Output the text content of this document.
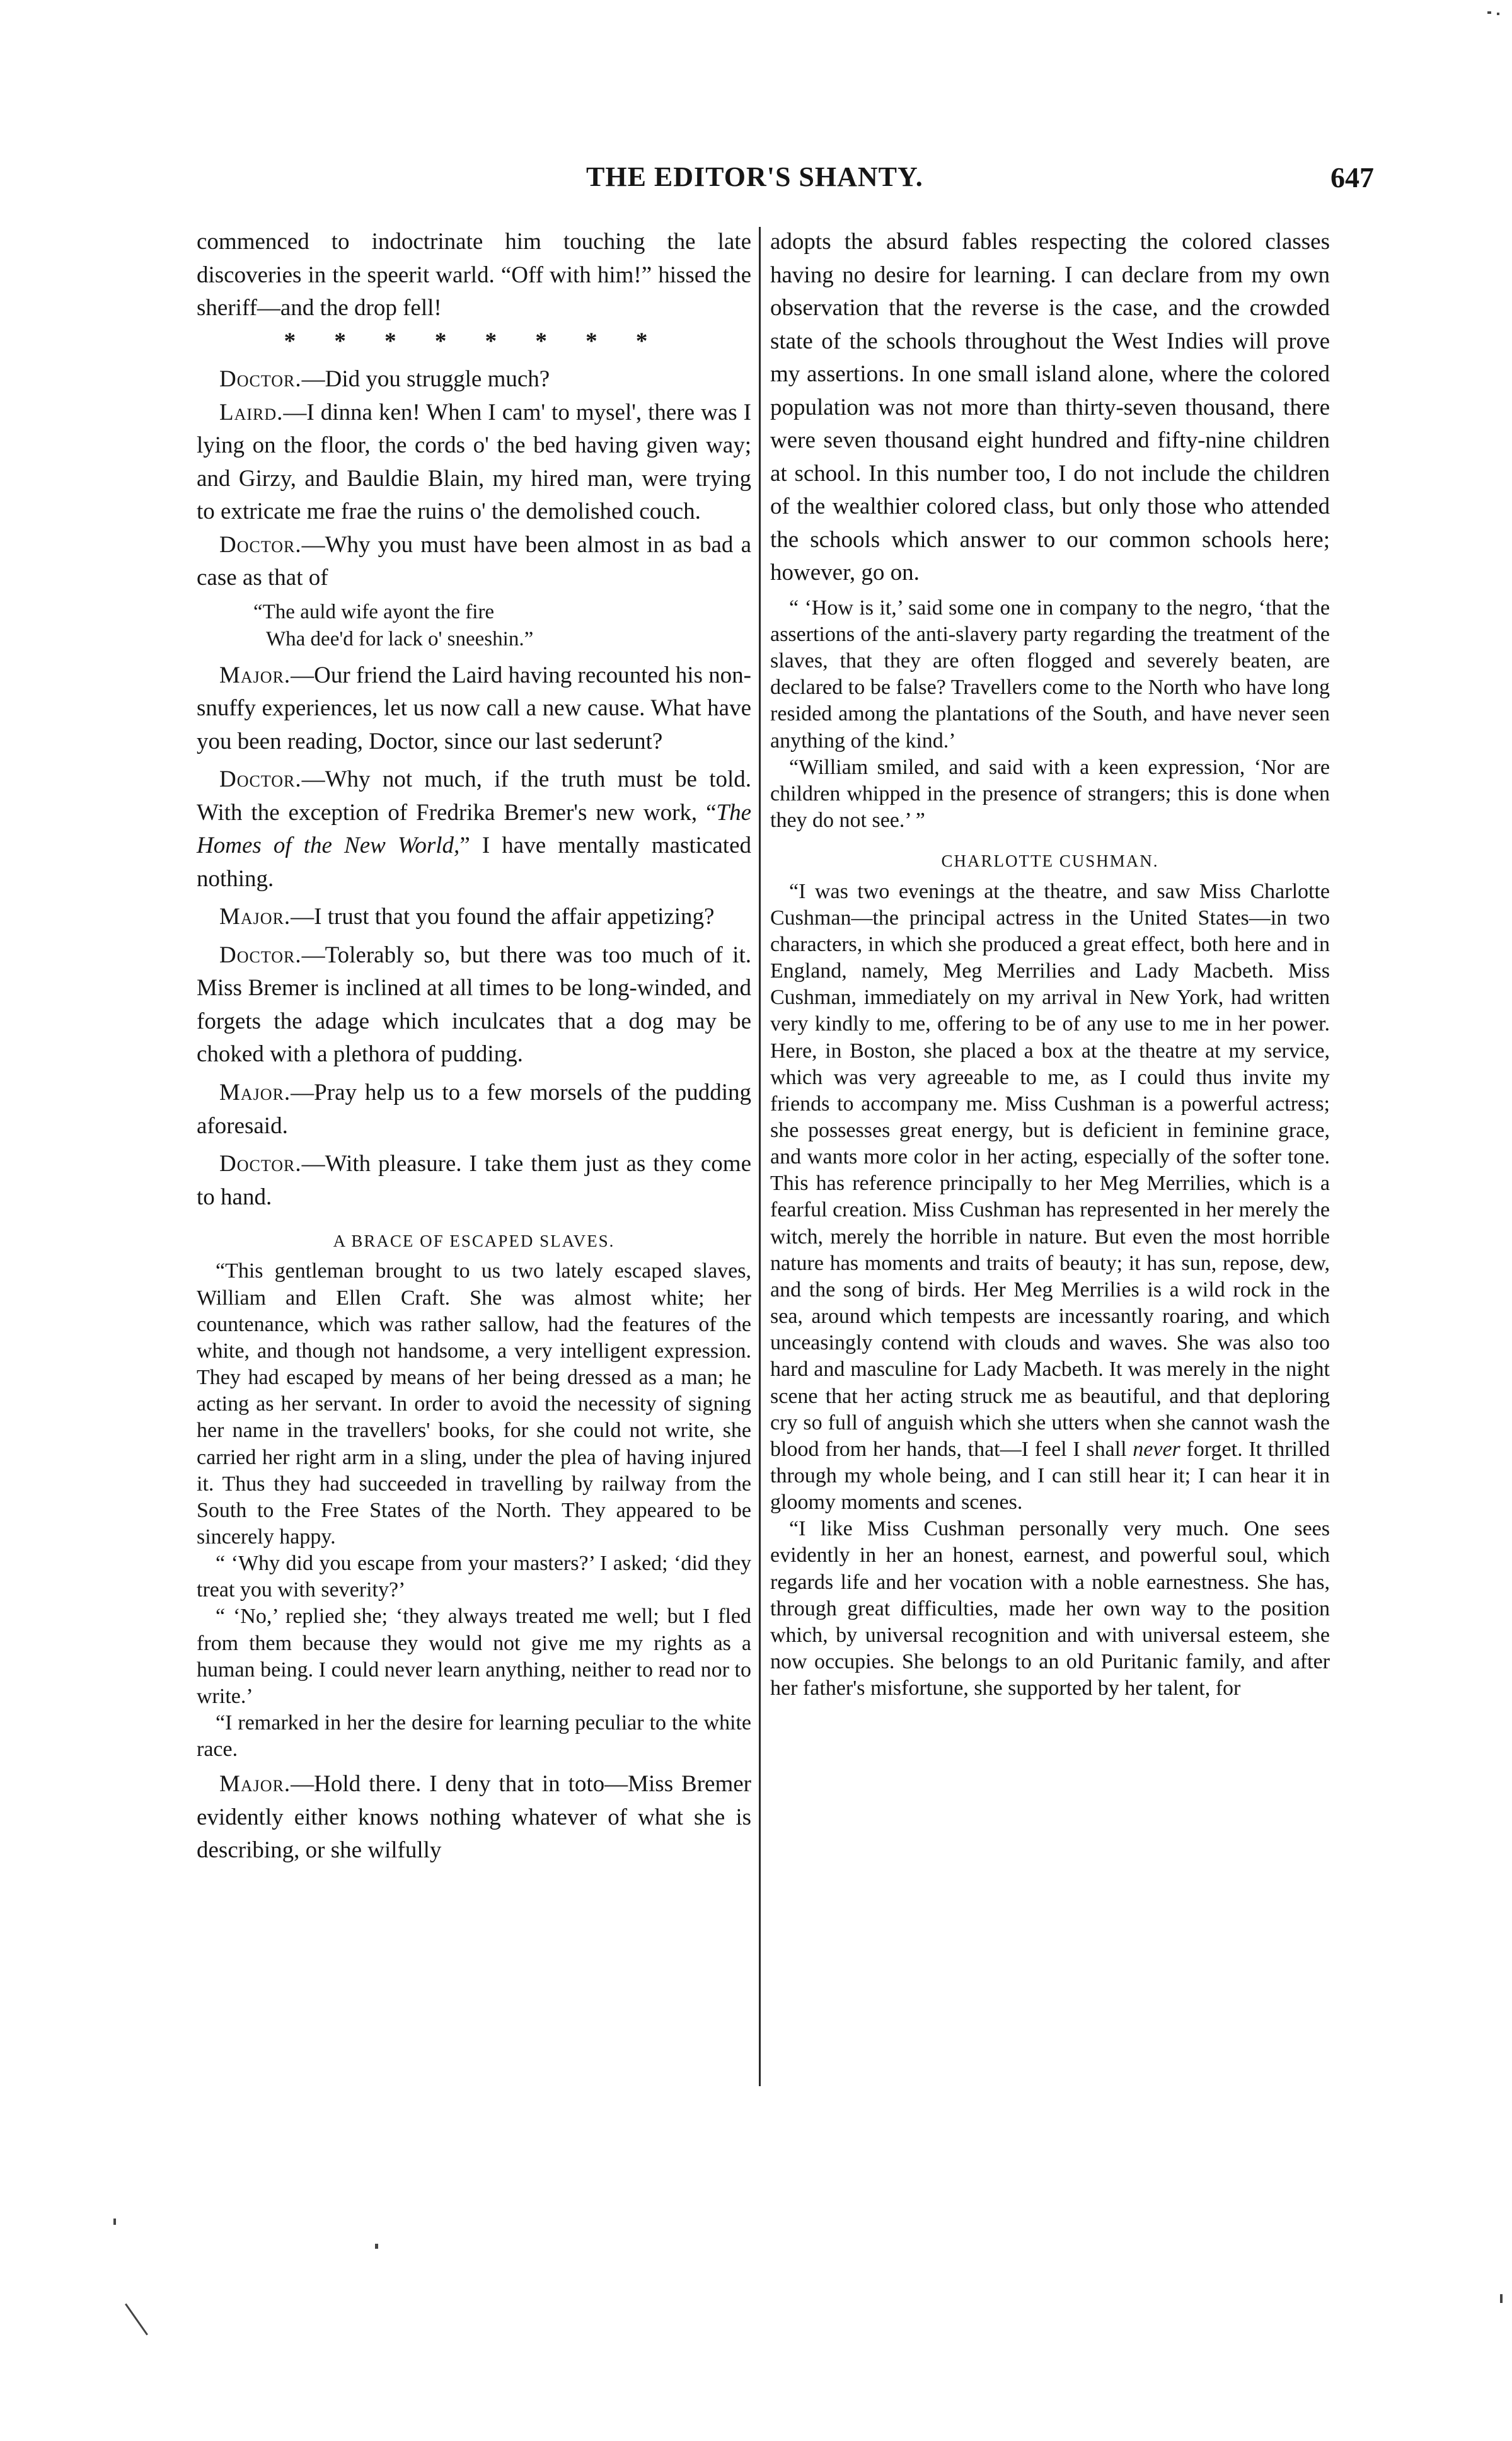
THE EDITOR'S SHANTY.	647

commenced to indoctrinate him touching the late discoveries in the speerit warld. “Off with him!” hissed the sheriff—and the drop fell!

* * * * * * * *

Doctor.—Did you struggle much?

Laird.—I dinna ken! When I cam' to mysel', there was I lying on the floor, the cords o' the bed having given way; and Girzy, and Bauldie Blain, my hired man, were trying to extricate me frae the ruins o' the demolished couch.

Doctor.—Why you must have been almost in as bad a case as that of

“The auld wife ayont the fire
Wha dee'd for lack o' sneeshin.”

Major.—Our friend the Laird having recounted his non-snuffy experiences, let us now call a new cause. What have you been reading, Doctor, since our last sederunt?

Doctor.—Why not much, if the truth must be told. With the exception of Fredrika Bremer's new work, “The Homes of the New World,” I have mentally masticated nothing.

Major.—I trust that you found the affair appetizing?

Doctor.—Tolerably so, but there was too much of it. Miss Bremer is inclined at all times to be long-winded, and forgets the adage which inculcates that a dog may be choked with a plethora of pudding.

Major.—Pray help us to a few morsels of the pudding aforesaid.

Doctor.—With pleasure. I take them just as they come to hand.

A BRACE OF ESCAPED SLAVES.

“This gentleman brought to us two lately escaped slaves, William and Ellen Craft. She was almost white; her countenance, which was rather sallow, had the features of the white, and though not handsome, a very intelligent expression. They had escaped by means of her being dressed as a man; he acting as her servant. In order to avoid the necessity of signing her name in the travellers' books, for she could not write, she carried her right arm in a sling, under the plea of having injured it. Thus they had succeeded in travelling by railway from the South to the Free States of the North. They appeared to be sincerely happy.

“ ‘Why did you escape from your masters?’ I asked; ‘did they treat you with severity?’

“ ‘No,’ replied she; ‘they always treated me well; but I fled from them because they would not give me my rights as a human being. I could never learn anything, neither to read nor to write.’

“I remarked in her the desire for learning peculiar to the white race.

Major.—Hold there. I deny that in toto—Miss Bremer evidently either knows nothing whatever of what she is describing, or she wilfully

adopts the absurd fables respecting the colored classes having no desire for learning. I can declare from my own observation that the reverse is the case, and the crowded state of the schools throughout the West Indies will prove my assertions. In one small island alone, where the colored population was not more than thirty-seven thousand, there were seven thousand eight hundred and fifty-nine children at school. In this number too, I do not include the children of the wealthier colored class, but only those who attended the schools which answer to our common schools here; however, go on.

“ ‘How is it,’ said some one in company to the negro, ‘that the assertions of the anti-slavery party regarding the treatment of the slaves, that they are often flogged and severely beaten, are declared to be false? Travellers come to the North who have long resided among the plantations of the South, and have never seen anything of the kind.’

“William smiled, and said with a keen expression, ‘Nor are children whipped in the presence of strangers; this is done when they do not see.’ ”

CHARLOTTE CUSHMAN.

“I was two evenings at the theatre, and saw Miss Charlotte Cushman—the principal actress in the United States—in two characters, in which she produced a great effect, both here and in England, namely, Meg Merrilies and Lady Macbeth. Miss Cushman, immediately on my arrival in New York, had written very kindly to me, offering to be of any use to me in her power. Here, in Boston, she placed a box at the theatre at my service, which was very agreeable to me, as I could thus invite my friends to accompany me. Miss Cushman is a powerful actress; she possesses great energy, but is deficient in feminine grace, and wants more color in her acting, especially of the softer tone. This has reference principally to her Meg Merrilies, which is a fearful creation. Miss Cushman has represented in her merely the witch, merely the horrible in nature. But even the most horrible nature has moments and traits of beauty; it has sun, repose, dew, and the song of birds. Her Meg Merrilies is a wild rock in the sea, around which tempests are incessantly roaring, and which unceasingly contend with clouds and waves. She was also too hard and masculine for Lady Macbeth. It was merely in the night scene that her acting struck me as beautiful, and that deploring cry so full of anguish which she utters when she cannot wash the blood from her hands, that—I feel I shall never forget. It thrilled through my whole being, and I can still hear it; I can hear it in gloomy moments and scenes.

“I like Miss Cushman personally very much. One sees evidently in her an honest, earnest, and powerful soul, which regards life and her vocation with a noble earnestness. She has, through great difficulties, made her own way to the position which, by universal recognition and with universal esteem, she now occupies. She belongs to an old Puritanic family, and after her father's misfortune, she supported by her talent, for
